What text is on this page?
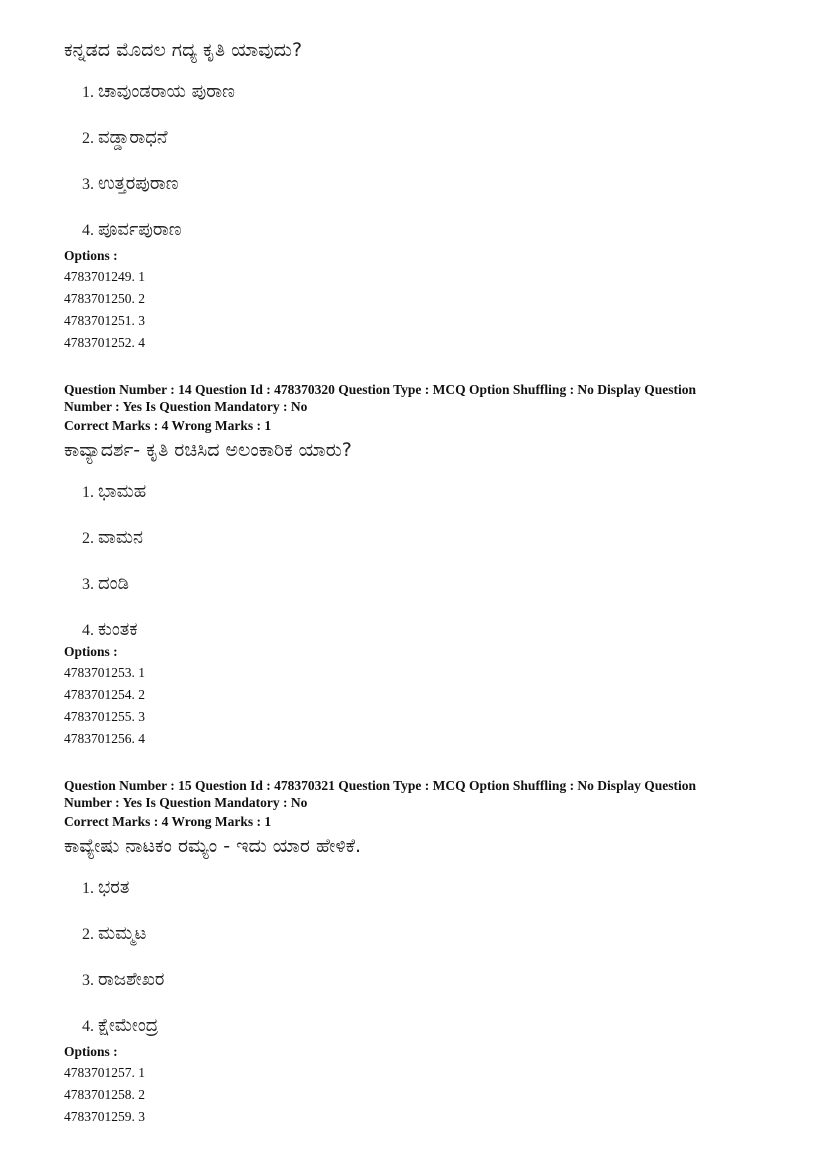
ಕನ್ನಡದ ಮೊದಲ ಗದ್ಯ ಕೃತಿ ಯಾವುದು?
1. ಚಾವುಂಡರಾಯ ಪುರಾಣ
2. ವಡ್ಡಾರಾಧನೆ
3. ಉತ್ತರಪುರಾಣ
4. ಪೂರ್ವಪುರಾಣ
Options :
4783701249. 1
4783701250. 2
4783701251. 3
4783701252. 4
Question Number : 14 Question Id : 478370320 Question Type : MCQ Option Shuffling : No Display Question
Number : Yes Is Question Mandatory : No
Correct Marks : 4 Wrong Marks : 1
ಕಾವ್ಯಾದರ್ಶ- ಕೃತಿ ರಚಿಸಿದ ಅಲಂಕಾರಿಕ ಯಾರು?
1. ಭಾಮಹ
2. ವಾಮನ
3. ದಂಡಿ
4. ಕುಂತಕ
Options :
4783701253. 1
4783701254. 2
4783701255. 3
4783701256. 4
Question Number : 15 Question Id : 478370321 Question Type : MCQ Option Shuffling : No Display Question
Number : Yes Is Question Mandatory : No
Correct Marks : 4 Wrong Marks : 1
ಕಾವ್ಯೇಷು ನಾಟಕಂ ರಮ್ಯಂ - ಇದು ಯಾರ ಹೇಳಿಕೆ.
1. ಭರತ
2. ಮಮ್ಮಟ
3. ರಾಜಶೇಖರ
4. ಕ್ಷೇಮೇಂದ್ರ
Options :
4783701257. 1
4783701258. 2
4783701259. 3
